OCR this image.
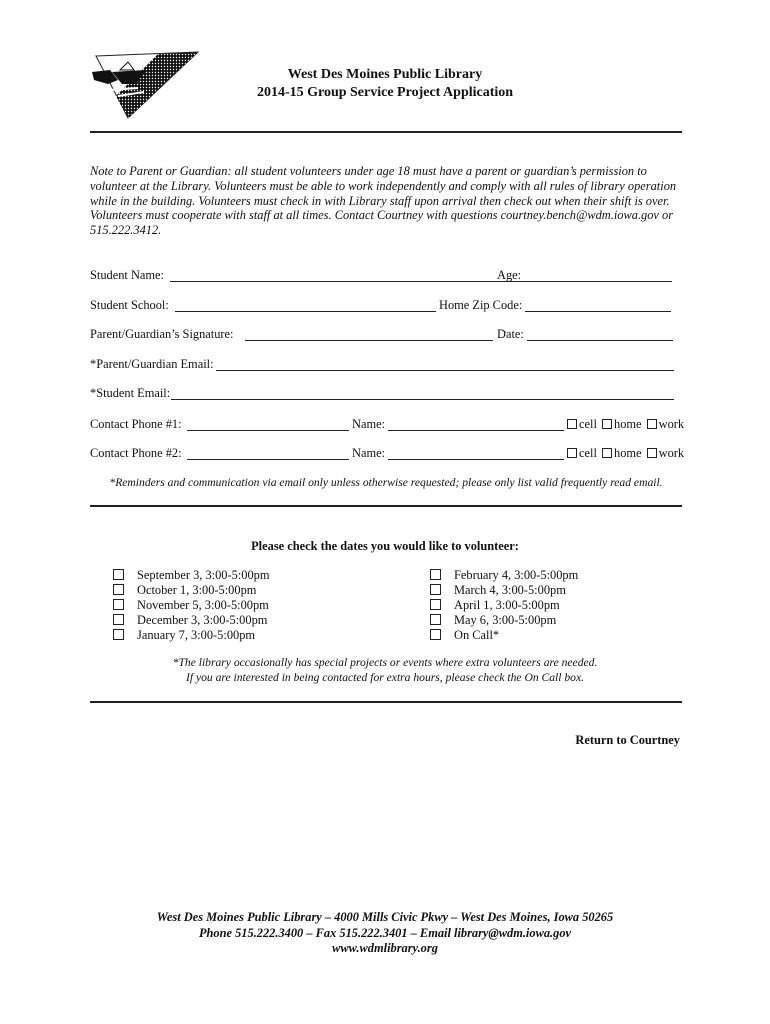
West Des Moines Public Library
2014-15 Group Service Project Application
Note to Parent or Guardian: all student volunteers under age 18 must have a parent or guardian’s permission to volunteer at the Library. Volunteers must be able to work independently and comply with all rules of library operation while in the building. Volunteers must check in with Library staff upon arrival then check out when their shift is over. Volunteers must cooperate with staff at all times. Contact Courtney with questions courtney.bench@wdm.iowa.gov or 515.222.3412.
Student Name:	Age:
Student School:	Home Zip Code:
Parent/Guardian’s Signature:	Date:
*Parent/Guardian Email:
*Student Email:
Contact Phone #1:	Name:	cell home work
Contact Phone #2:	Name:	cell home work
*Reminders and communication via email only unless otherwise requested; please only list valid frequently read email.
Please check the dates you would like to volunteer:
September 3, 3:00-5:00pm
October 1, 3:00-5:00pm
November 5, 3:00-5:00pm
December 3, 3:00-5:00pm
January 7, 3:00-5:00pm
February 4, 3:00-5:00pm
March 4, 3:00-5:00pm
April 1, 3:00-5:00pm
May 6, 3:00-5:00pm
On Call*
*The library occasionally has special projects or events where extra volunteers are needed.
If you are interested in being contacted for extra hours, please check the On Call box.
Return to Courtney
West Des Moines Public Library – 4000 Mills Civic Pkwy – West Des Moines, Iowa 50265
Phone 515.222.3400 – Fax 515.222.3401 – Email library@wdm.iowa.gov
www.wdmlibrary.org
